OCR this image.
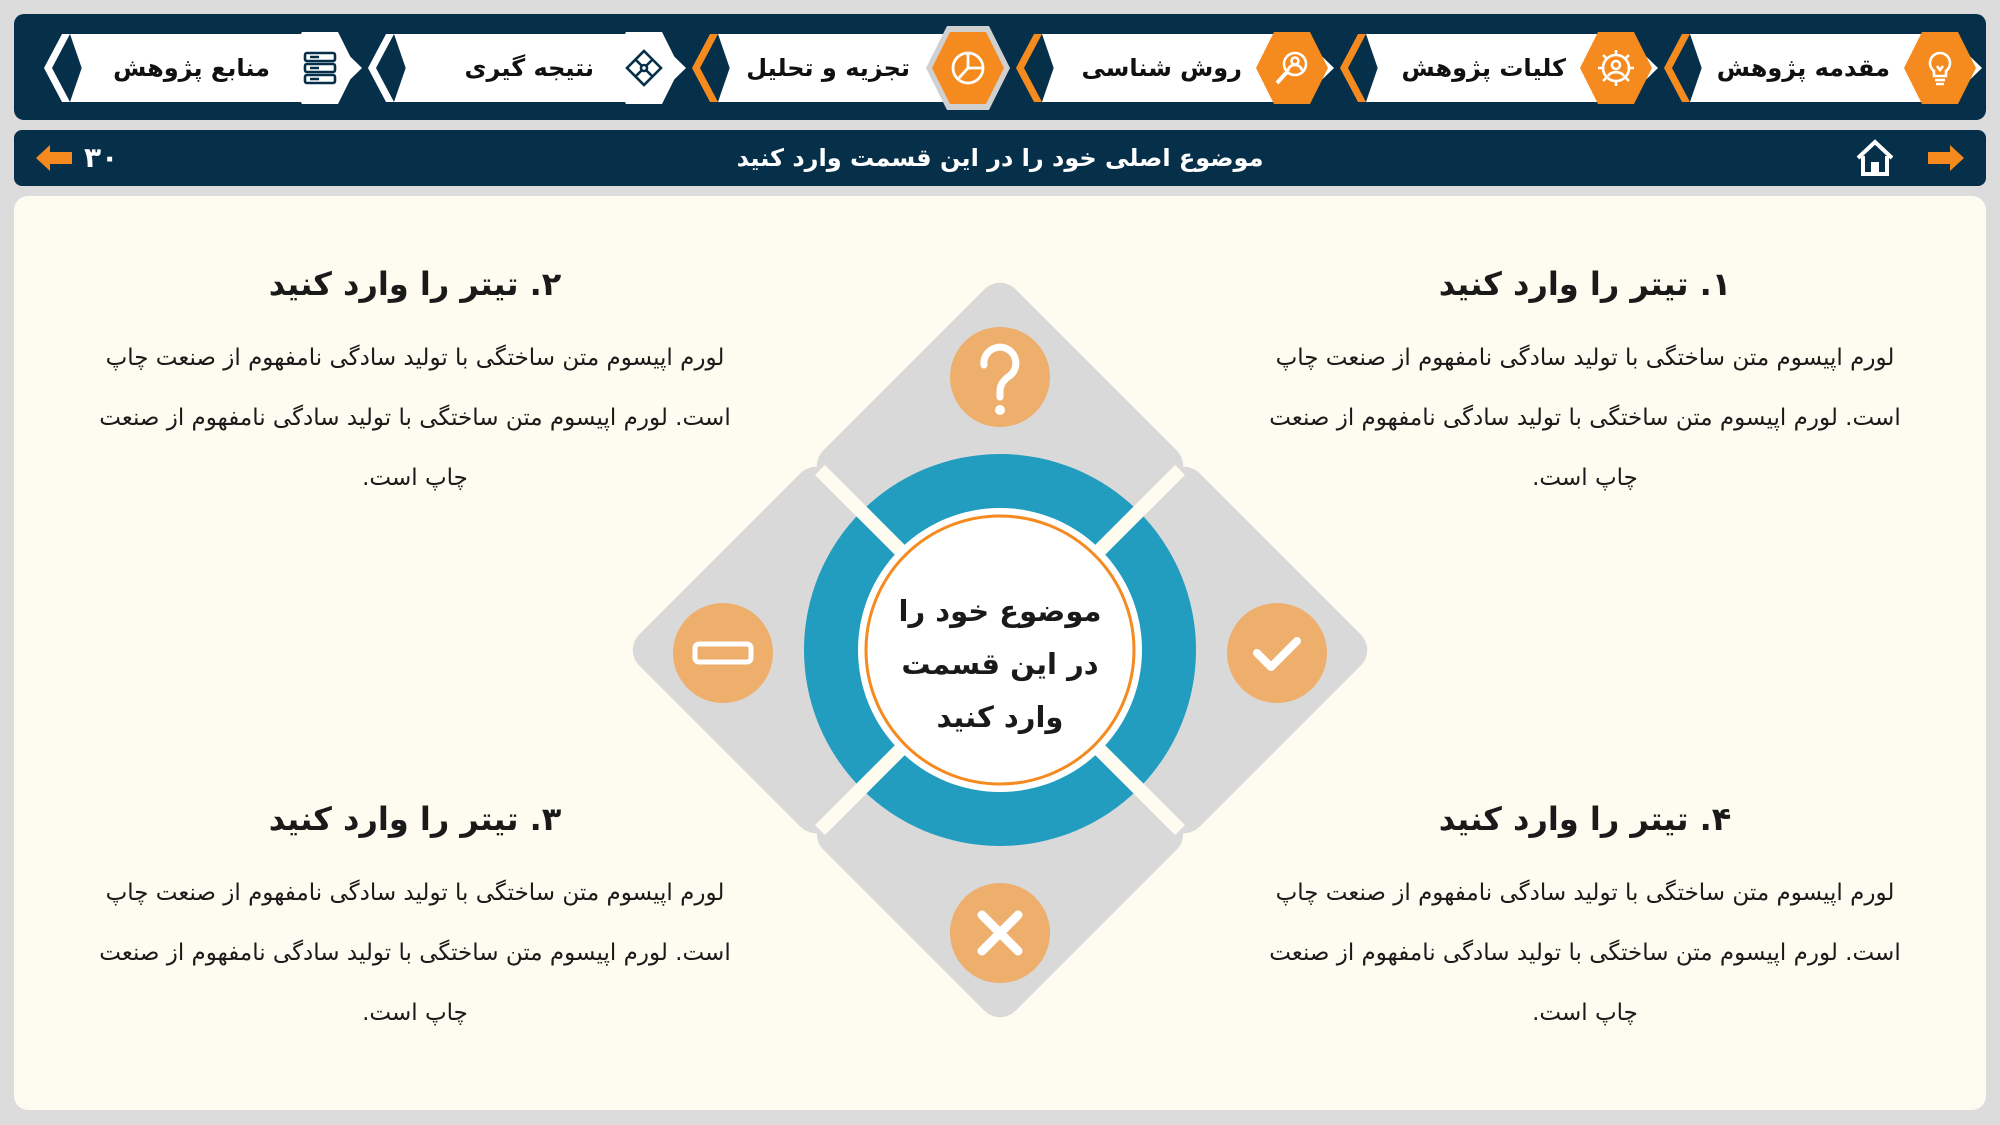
مقدمه پژوهش
کلیات پژوهش
روش شناسی
تجزیه و تحلیل
نتیجه گیری
منابع پژوهش
۳۰	موضوع اصلی خود را در این قسمت وارد کنید
موضوع خود را
در این قسمت
وارد کنید
۱. تیتر را وارد کنید

لورم اپیسوم متن ساختگی با تولید سادگی نامفهوم از صنعت چاپ است. لورم اپیسوم متن ساختگی با تولید سادگی نامفهوم از صنعت چاپ است.

۲. تیتر را وارد کنید

لورم اپیسوم متن ساختگی با تولید سادگی نامفهوم از صنعت چاپ است. لورم اپیسوم متن ساختگی با تولید سادگی نامفهوم از صنعت چاپ است.

۳. تیتر را وارد کنید

لورم اپیسوم متن ساختگی با تولید سادگی نامفهوم از صنعت چاپ است. لورم اپیسوم متن ساختگی با تولید سادگی نامفهوم از صنعت چاپ است.

۴. تیتر را وارد کنید

لورم اپیسوم متن ساختگی با تولید سادگی نامفهوم از صنعت چاپ است. لورم اپیسوم متن ساختگی با تولید سادگی نامفهوم از صنعت چاپ است.
